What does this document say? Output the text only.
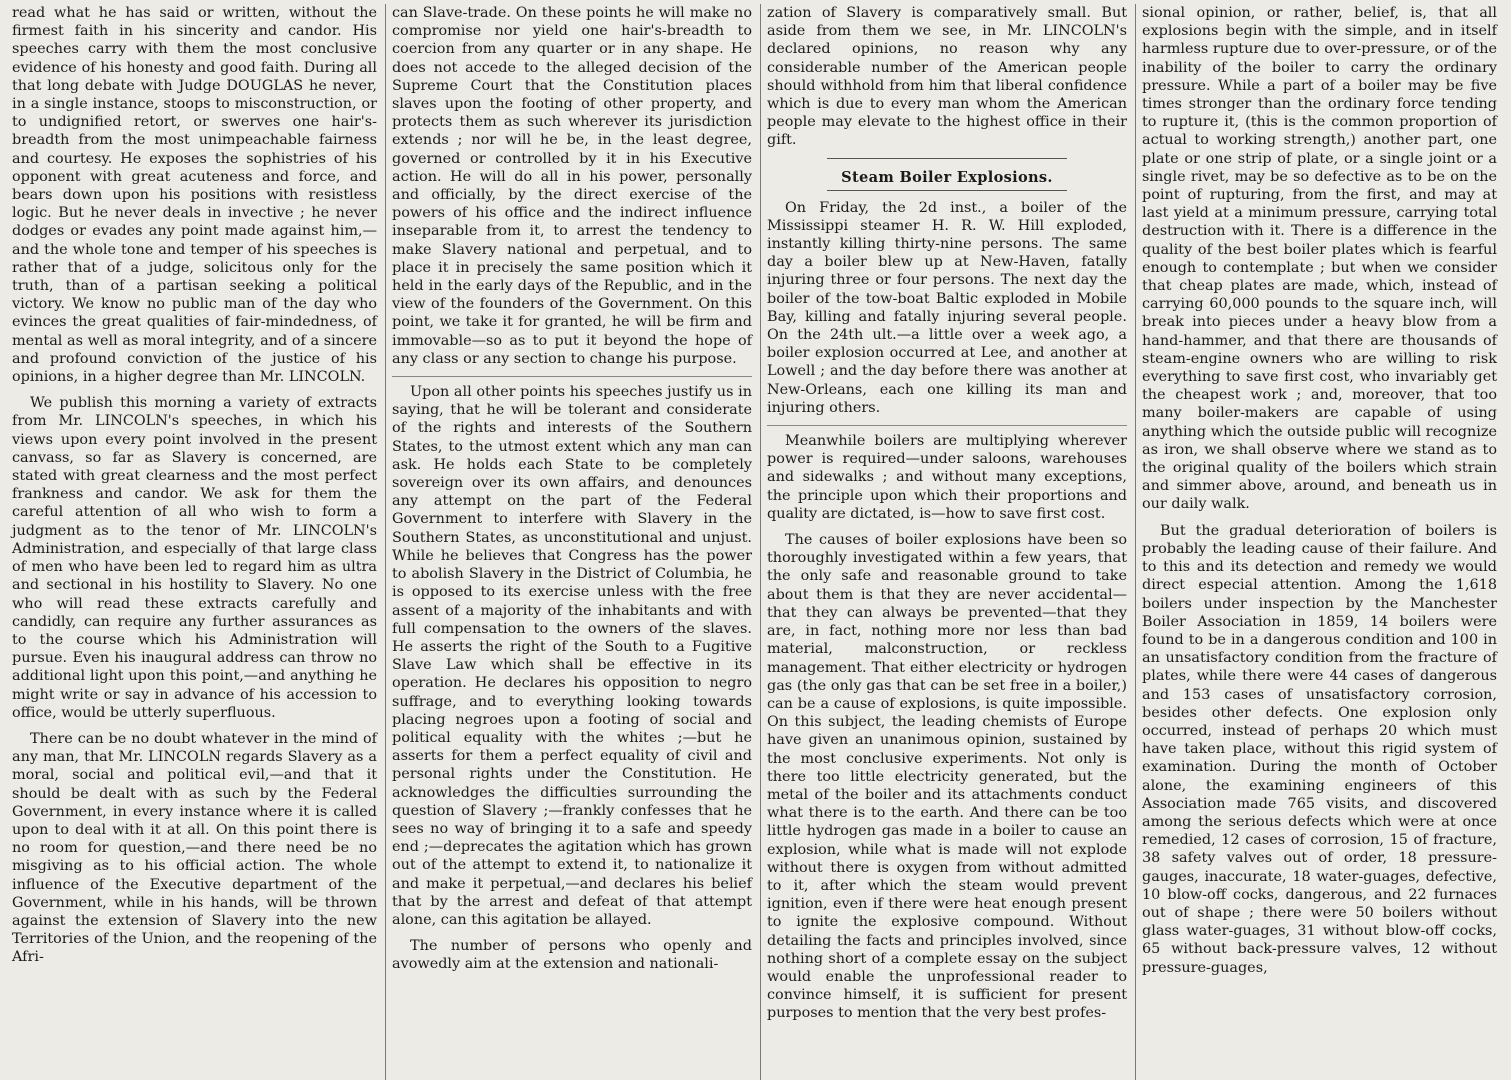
read what he has said or written, without the firmest faith in his sincerity and candor. His speeches carry with them the most conclusive evidence of his honesty and good faith. During all that long debate with Judge DOUGLAS he never, in a single instance, stoops to misconstruction, or to undignified retort, or swerves one hair's-breadth from the most unimpeachable fairness and courtesy. He exposes the sophistries of his opponent with great acuteness and force, and bears down upon his positions with resistless logic. But he never deals in invective ; he never dodges or evades any point made against him,—and the whole tone and temper of his speeches is rather that of a judge, solicitous only for the truth, than of a partisan seeking a political victory. We know no public man of the day who evinces the great qualities of fair-mindedness, of mental as well as moral integrity, and of a sincere and profound conviction of the justice of his opinions, in a higher degree than Mr. LINCOLN.

We publish this morning a variety of extracts from Mr. LINCOLN's speeches, in which his views upon every point involved in the present canvass, so far as Slavery is concerned, are stated with great clearness and the most perfect frankness and candor. We ask for them the careful attention of all who wish to form a judgment as to the tenor of Mr. LINCOLN's Administration, and especially of that large class of men who have been led to regard him as ultra and sectional in his hostility to Slavery. No one who will read these extracts carefully and candidly, can require any further assurances as to the course which his Administration will pursue. Even his inaugural address can throw no additional light upon this point,—and anything he might write or say in advance of his accession to office, would be utterly superfluous.

There can be no doubt whatever in the mind of any man, that Mr. LINCOLN regards Slavery as a moral, social and political evil,—and that it should be dealt with as such by the Federal Government, in every instance where it is called upon to deal with it at all. On this point there is no room for question,—and there need be no misgiving as to his official action. The whole influence of the Executive department of the Government, while in his hands, will be thrown against the extension of Slavery into the new Territories of the Union, and the reopening of the Afri-

can Slave-trade. On these points he will make no compromise nor yield one hair's-breadth to coercion from any quarter or in any shape. He does not accede to the alleged decision of the Supreme Court that the Constitution places slaves upon the footing of other property, and protects them as such wherever its jurisdiction extends ; nor will he be, in the least degree, governed or controlled by it in his Executive action. He will do all in his power, personally and officially, by the direct exercise of the powers of his office and the indirect influence inseparable from it, to arrest the tendency to make Slavery national and perpetual, and to place it in precisely the same position which it held in the early days of the Republic, and in the view of the founders of the Government. On this point, we take it for granted, he will be firm and immovable—so as to put it beyond the hope of any class or any section to change his purpose.

Upon all other points his speeches justify us in saying, that he will be tolerant and considerate of the rights and interests of the Southern States, to the utmost extent which any man can ask. He holds each State to be completely sovereign over its own affairs, and denounces any attempt on the part of the Federal Government to interfere with Slavery in the Southern States, as unconstitutional and unjust. While he believes that Congress has the power to abolish Slavery in the District of Columbia, he is opposed to its exercise unless with the free assent of a majority of the inhabitants and with full compensation to the owners of the slaves. He asserts the right of the South to a Fugitive Slave Law which shall be effective in its operation. He declares his opposition to negro suffrage, and to everything looking towards placing negroes upon a footing of social and political equality with the whites ;—but he asserts for them a perfect equality of civil and personal rights under the Constitution. He acknowledges the difficulties surrounding the question of Slavery ;—frankly confesses that he sees no way of bringing it to a safe and speedy end ;—deprecates the agitation which has grown out of the attempt to extend it, to nationalize it and make it perpetual,—and declares his belief that by the arrest and defeat of that attempt alone, can this agitation be allayed.

The number of persons who openly and avowedly aim at the extension and nationali-

zation of Slavery is comparatively small. But aside from them we see, in Mr. LINCOLN's declared opinions, no reason why any considerable number of the American people should withhold from him that liberal confidence which is due to every man whom the American people may elevate to the highest office in their gift.

Steam Boiler Explosions.

On Friday, the 2d inst., a boiler of the Mississippi steamer H. R. W. Hill exploded, instantly killing thirty-nine persons. The same day a boiler blew up at New-Haven, fatally injuring three or four persons. The next day the boiler of the tow-boat Baltic exploded in Mobile Bay, killing and fatally injuring several people. On the 24th ult.—a little over a week ago, a boiler explosion occurred at Lee, and another at Lowell ; and the day before there was another at New-Orleans, each one killing its man and injuring others.

Meanwhile boilers are multiplying wherever power is required—under saloons, warehouses and sidewalks ; and without many exceptions, the principle upon which their proportions and quality are dictated, is—how to save first cost.

The causes of boiler explosions have been so thoroughly investigated within a few years, that the only safe and reasonable ground to take about them is that they are never accidental—that they can always be prevented—that they are, in fact, nothing more nor less than bad material, malconstruction, or reckless management. That either electricity or hydrogen gas (the only gas that can be set free in a boiler,) can be a cause of explosions, is quite impossible. On this subject, the leading chemists of Europe have given an unanimous opinion, sustained by the most conclusive experiments. Not only is there too little electricity generated, but the metal of the boiler and its attachments conduct what there is to the earth. And there can be too little hydrogen gas made in a boiler to cause an explosion, while what is made will not explode without there is oxygen from without admitted to it, after which the steam would prevent ignition, even if there were heat enough present to ignite the explosive compound. Without detailing the facts and principles involved, since nothing short of a complete essay on the subject would enable the unprofessional reader to convince himself, it is sufficient for present purposes to mention that the very best profes-

sional opinion, or rather, belief, is, that all explosions begin with the simple, and in itself harmless rupture due to over-pressure, or of the inability of the boiler to carry the ordinary pressure. While a part of a boiler may be five times stronger than the ordinary force tending to rupture it, (this is the common proportion of actual to working strength,) another part, one plate or one strip of plate, or a single joint or a single rivet, may be so defective as to be on the point of rupturing, from the first, and may at last yield at a minimum pressure, carrying total destruction with it. There is a difference in the quality of the best boiler plates which is fearful enough to contemplate ; but when we consider that cheap plates are made, which, instead of carrying 60,000 pounds to the square inch, will break into pieces under a heavy blow from a hand-hammer, and that there are thousands of steam-engine owners who are willing to risk everything to save first cost, who invariably get the cheapest work ; and, moreover, that too many boiler-makers are capable of using anything which the outside public will recognize as iron, we shall observe where we stand as to the original quality of the boilers which strain and simmer above, around, and beneath us in our daily walk.

But the gradual deterioration of boilers is probably the leading cause of their failure. And to this and its detection and remedy we would direct especial attention. Among the 1,618 boilers under inspection by the Manchester Boiler Association in 1859, 14 boilers were found to be in a dangerous condition and 100 in an unsatisfactory condition from the fracture of plates, while there were 44 cases of dangerous and 153 cases of unsatisfactory corrosion, besides other defects. One explosion only occurred, instead of perhaps 20 which must have taken place, without this rigid system of examination. During the month of October alone, the examining engineers of this Association made 765 visits, and discovered among the serious defects which were at once remedied, 12 cases of corrosion, 15 of fracture, 38 safety valves out of order, 18 pressure-gauges, inaccurate, 18 water-guages, defective, 10 blow-off cocks, dangerous, and 22 furnaces out of shape ; there were 50 boilers without glass water-guages, 31 without blow-off cocks, 65 without back-pressure valves, 12 without pressure-guages,
